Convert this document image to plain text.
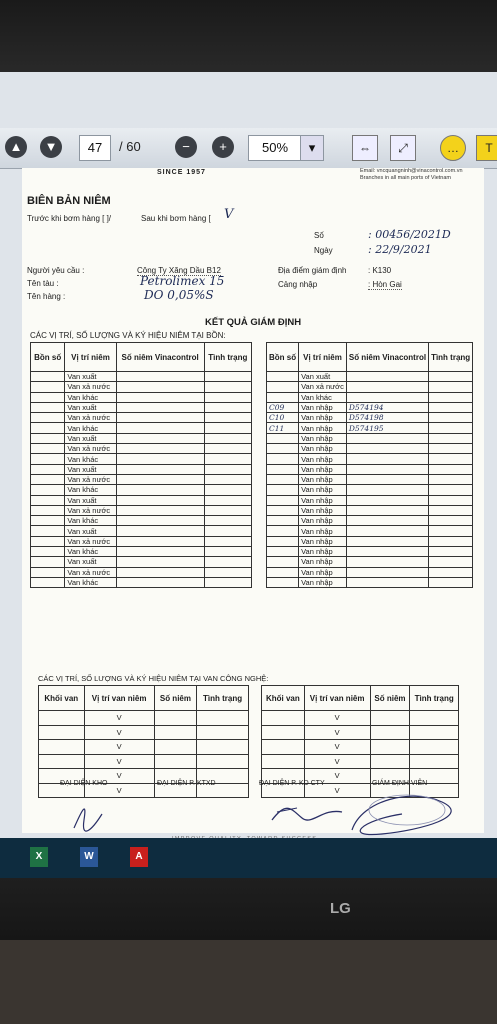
▲	▼	47	/ 60	−	+	50%	▾	⇔	⤢	…	T
SINCE 1957	Email: vncquangninh@vinacontrol.com.vn
Branches in all main ports of Vietnam
BIÊN BẢN NIÊM
Trước khi bơm hàng [ ]/	Sau khi bơm hàng [ V
Số	: 00456/2021D
Ngày	: 22/9/2021
Người yêu cầu :	Công Ty Xăng Dầu B12	Địa điểm giám định	: K130
Tên tàu :	Petrolimex 15	Cảng nhập	: Hòn Gai
Tên hàng :	DO 0,05%S
KẾT QUẢ GIÁM ĐỊNH
CÁC VỊ TRÍ, SỐ LƯỢNG VÀ KÝ HIỆU NIÊM TẠI BỒN:
Bồn số	Vị trí niêm	Số niêm Vinacontrol	Tình trạng
	Van xuất		
	Van xả nước		
	Van khác		
	Van xuất		
	Van xả nước		
	Van khác		
	Van xuất		
	Van xả nước		
	Van khác		
	Van xuất		
	Van xả nước		
	Van khác		
	Van xuất		
	Van xả nước		
	Van khác		
	Van xuất		
	Van xả nước		
	Van khác		
	Van xuất		
	Van xả nước		
	Van khác		
Bồn số	Vị trí niêm	Số niêm Vinacontrol	Tình trạng
	Van xuất		
	Van xả nước		
	Van khác		
C09	Van nhập	D574194	
C10	Van nhập	D574198	
C11	Van nhập	D574195	
	Van nhập		
	Van nhập		
	Van nhập		
	Van nhập		
	Van nhập		
	Van nhập		
	Van nhập		
	Van nhập		
	Van nhập		
	Van nhập		
	Van nhập		
	Van nhập		
	Van nhập		
	Van nhập		
	Van nhập		
CÁC VỊ TRÍ, SỐ LƯỢNG VÀ KÝ HIỆU NIÊM TẠI VAN CÔNG NGHỆ:
Khối van	Vị trí van niêm	Số niêm	Tình trạng
	V		
	V		
	V		
	V		
	V		
	V		
Khối van	Vị trí van niêm	Số niêm	Tình trạng
	V		
	V		
	V		
	V		
	V		
	V		
ĐẠI DIỆN KHO	ĐẠI DIỆN P. KTXD	ĐẠI DIỆN P. KD CTY	GIÁM ĐỊNH VIÊN
X	W	A
LG
